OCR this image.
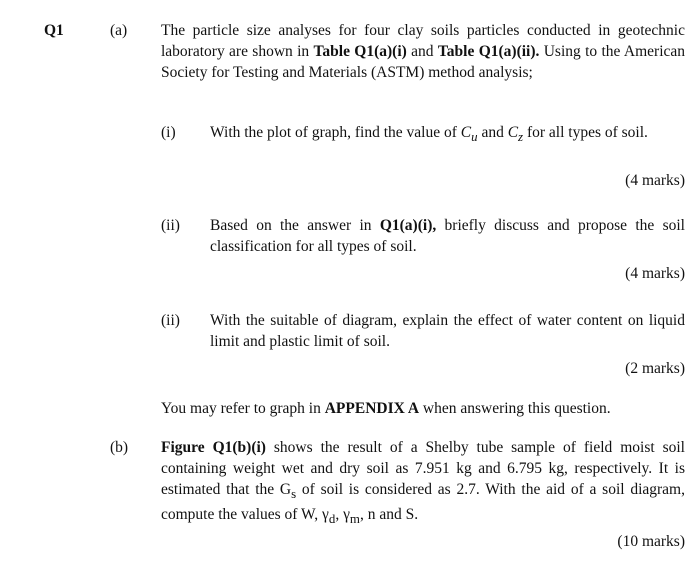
Q1	(a) The particle size analyses for four clay soils particles conducted in geotechnic laboratory are shown in Table Q1(a)(i) and Table Q1(a)(ii). Using to the American Society for Testing and Materials (ASTM) method analysis;
(i) With the plot of graph, find the value of $C_u$ and $C_z$ for all types of soil.
(4 marks)
(ii) Based on the answer in Q1(a)(i), briefly discuss and propose the soil classification for all types of soil.
(4 marks)
(ii) With the suitable of diagram, explain the effect of water content on liquid limit and plastic limit of soil.
(2 marks)
You may refer to graph in APPENDIX A when answering this question.
(b) Figure Q1(b)(i) shows the result of a Shelby tube sample of field moist soil containing weight wet and dry soil as 7.951 kg and 6.795 kg, respectively. It is estimated that the $G_s$ of soil is considered as 2.7. With the aid of a soil diagram, compute the values of W, $\gamma_d$, $\gamma_m$, n and S.
(10 marks)
